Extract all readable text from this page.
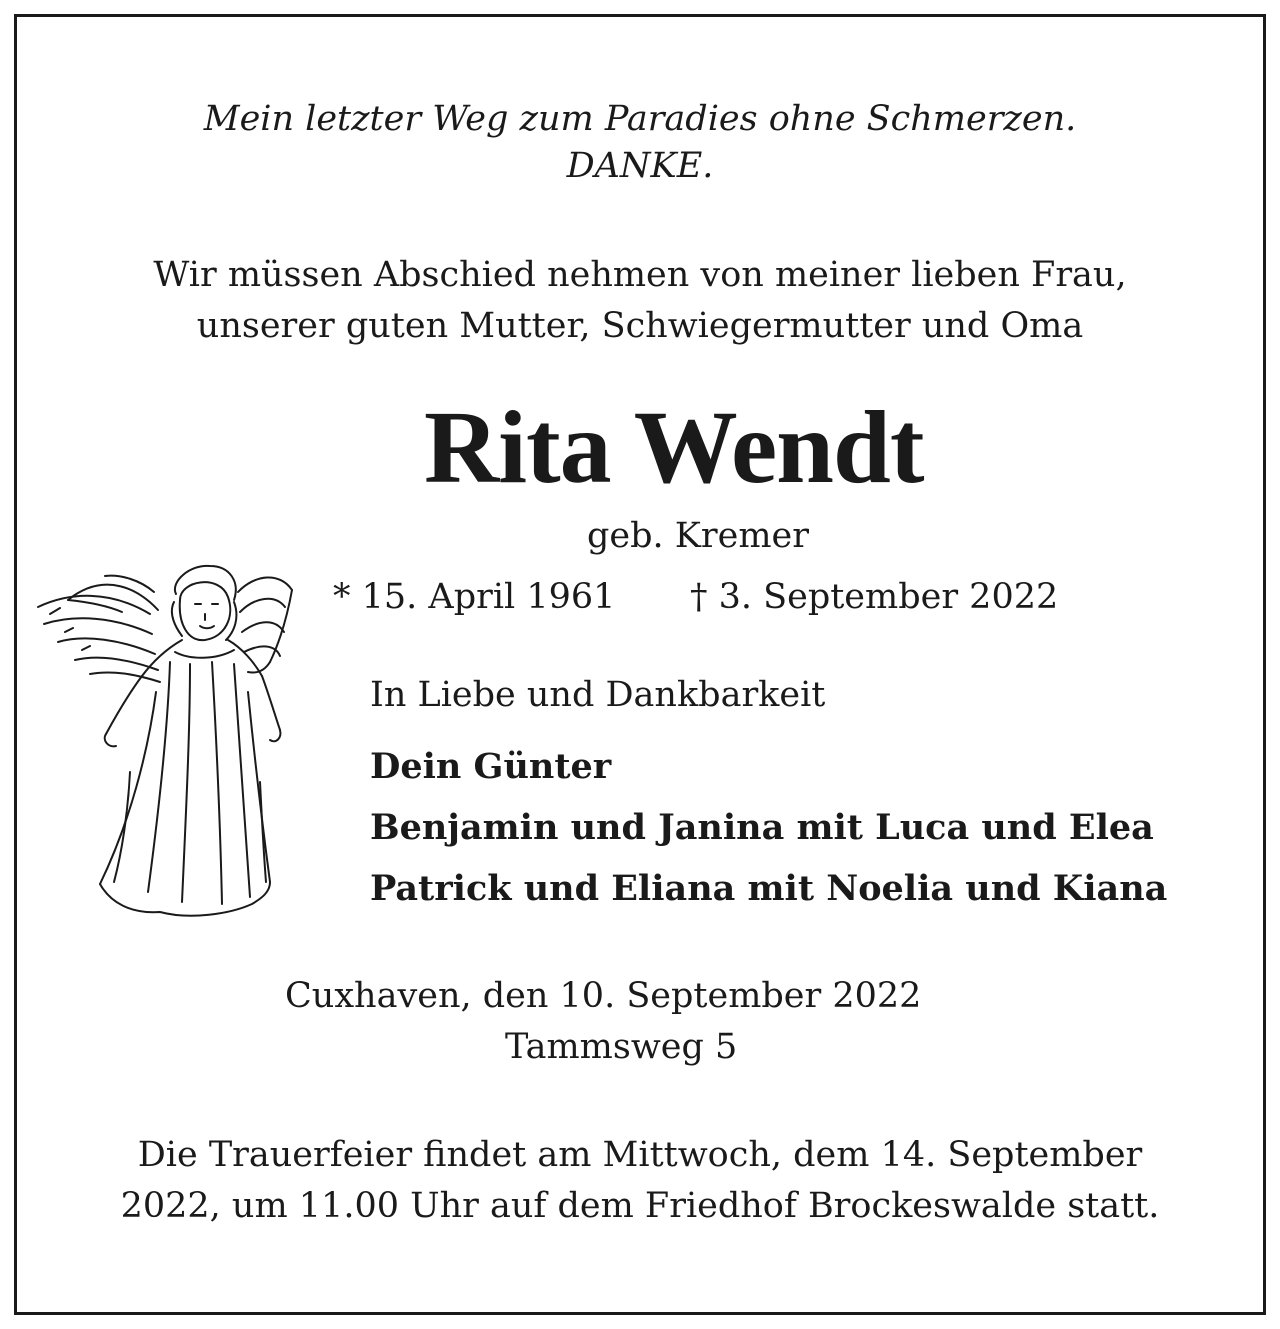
Mein letzter Weg zum Paradies ohne Schmerzen.
DANKE.
Wir müssen Abschied nehmen von meiner lieben Frau,
unserer guten Mutter, Schwiegermutter und Oma
Rita Wendt
geb. Kremer
* 15. April 1961 † 3. September 2022
In Liebe und Dankbarkeit
Dein Günter
Benjamin und Janina mit Luca und Elea
Patrick und Eliana mit Noelia und Kiana
Cuxhaven, den 10. September 2022
Tammsweg 5
Die Trauerfeier findet am Mittwoch, dem 14. September
2022, um 11.00 Uhr auf dem Friedhof Brockeswalde statt.
